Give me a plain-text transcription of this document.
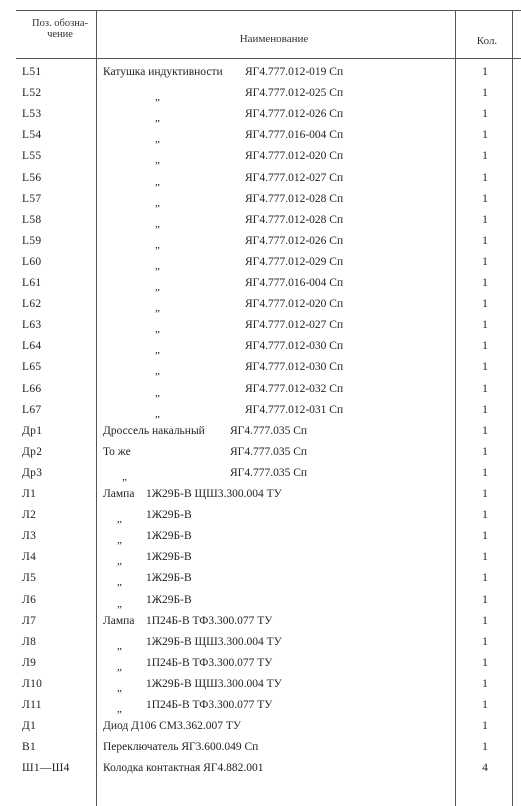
Поз. обозна- чение	Наименование	Кол.
L51	Катушка индуктивности ЯГ4.777.012-019 Сп	1
L52	„	ЯГ4.777.012-025 Сп	1
L53	„	ЯГ4.777.012-026 Сп	1
L54	„	ЯГ4.777.016-004 Сп	1
L55	„	ЯГ4.777.012-020 Сп	1
L56	„	ЯГ4.777.012-027 Сп	1
L57	„	ЯГ4.777.012-028 Сп	1
L58	„	ЯГ4.777.012-028 Сп	1
L59	„	ЯГ4.777.012-026 Сп	1
L60	„	ЯГ4.777.012-029 Сп	1
L61	„	ЯГ4.777.016-004 Сп	1
L62	„	ЯГ4.777.012-020 Сп	1
L63	„	ЯГ4.777.012-027 Сп	1
L64	„	ЯГ4.777.012-030 Сп	1
L65	„	ЯГ4.777.012-030 Сп	1
L66	„	ЯГ4.777.012-032 Сп	1
L67	„	ЯГ4.777.012-031 Сп	1
Др1	Дроссель накальный ЯГ4.777.035 Сп	1
Др2	То же	ЯГ4.777.035 Сп	1
Др3	„	ЯГ4.777.035 Сп	1
Л1	Лампа 1Ж29Б-В ЩШ3.300.004 ТУ	1
Л2	„ 1Ж29Б-В	1
Л3	„ 1Ж29Б-В	1
Л4	„ 1Ж29Б-В	1
Л5	„ 1Ж29Б-В	1
Л6	„ 1Ж29Б-В	1
Л7	Лампа 1П24Б-В ТФ3.300.077 ТУ	1
Л8	„ 1Ж29Б-В ЩШ3.300.004 ТУ	1
Л9	„ 1П24Б-В ТФ3.300.077 ТУ	1
Л10	„ 1Ж29Б-В ЩШ3.300.004 ТУ	1
Л11	„ 1П24Б-В ТФ3.300.077 ТУ	1
Д1	Диод Д106 СМ3.362.007 ТУ	1
В1	Переключатель ЯГ3.600.049 Сп	1
Ш1—Ш4	Колодка контактная ЯГ4.882.001	4
